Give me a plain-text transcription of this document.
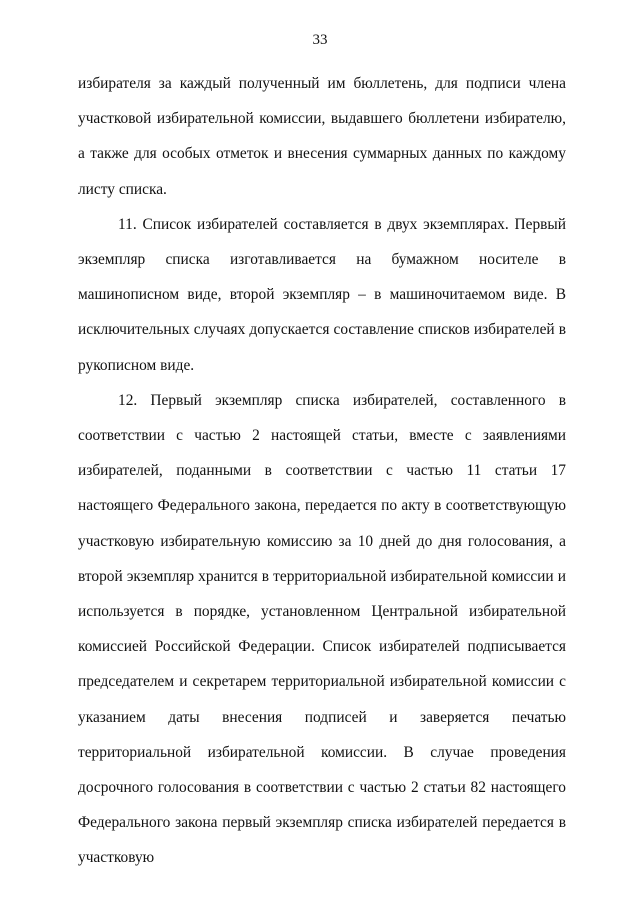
33

избирателя за каждый полученный им бюллетень, для подписи члена участковой избирательной комиссии, выдавшего бюллетени избирателю, а также для особых отметок и внесения суммарных данных по каждому листу списка.

11. Список избирателей составляется в двух экземплярах. Первый экземпляр списка изготавливается на бумажном носителе в машинописном виде, второй экземпляр – в машиночитаемом виде. В исключительных случаях допускается составление списков избирателей в рукописном виде.

12. Первый экземпляр списка избирателей, составленного в соответствии с частью 2 настоящей статьи, вместе с заявлениями избирателей, поданными в соответствии с частью 11 статьи 17 настоящего Федерального закона, передается по акту в соответствующую участковую избирательную комиссию за 10 дней до дня голосования, а второй экземпляр хранится в территориальной избирательной комиссии и используется в порядке, установленном Центральной избирательной комиссией Российской Федерации. Список избирателей подписывается председателем и секретарем территориальной избирательной комиссии с указанием даты внесения подписей и заверяется печатью территориальной избирательной комиссии. В случае проведения досрочного голосования в соответствии с частью 2 статьи 82 настоящего Федерального закона первый экземпляр списка избирателей передается в участковую
